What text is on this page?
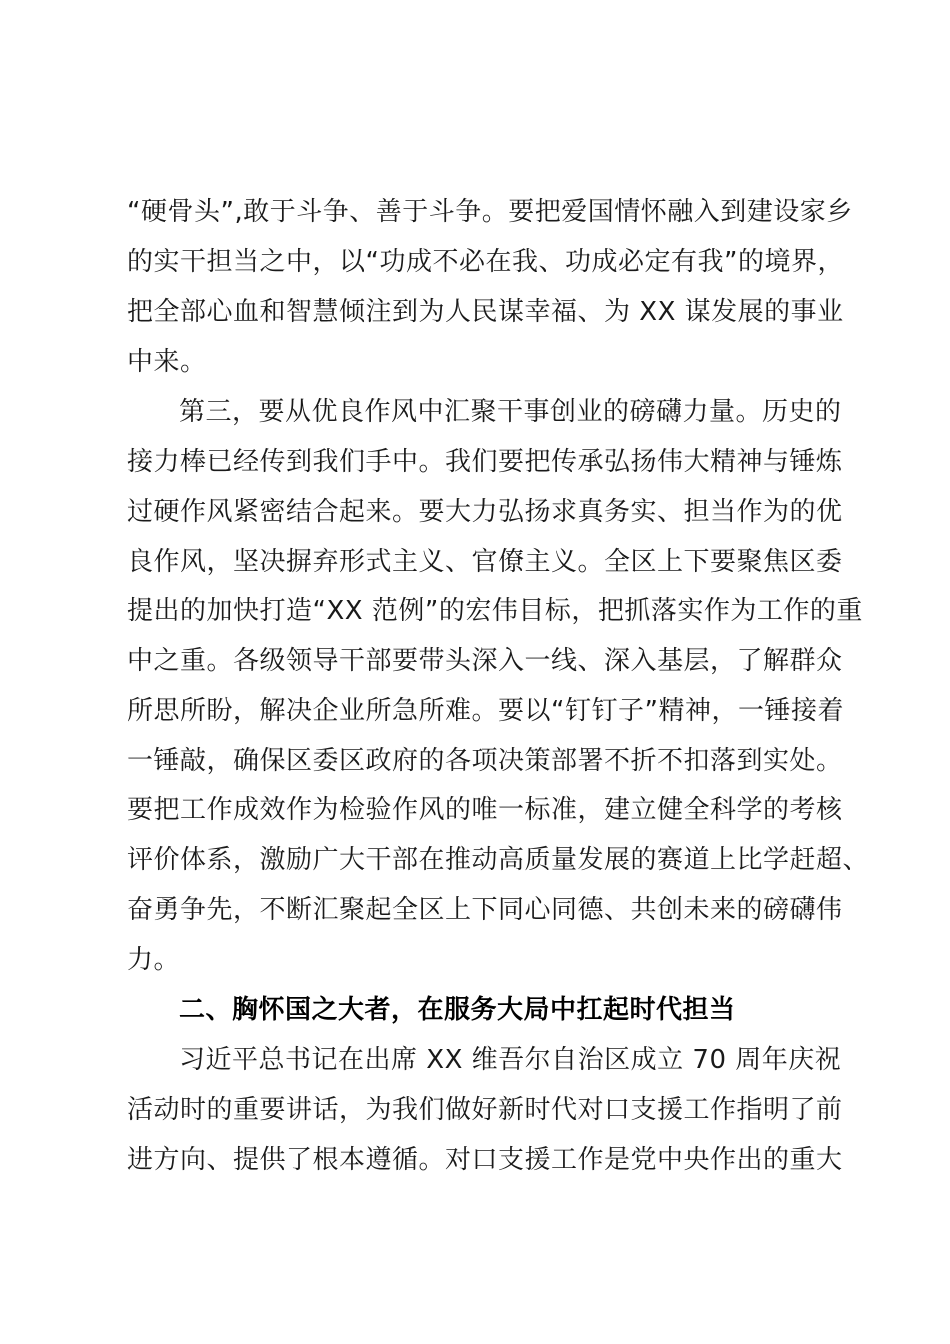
“硬骨头”,敢于斗争、善于斗争。要把爱国情怀融入到建设家乡
的实干担当之中，以“功成不必在我、功成必定有我”的境界，
把全部心血和智慧倾注到为人民谋幸福、为 XX 谋发展的事业
中来。
第三，要从优良作风中汇聚干事创业的磅礴力量。历史的
接力棒已经传到我们手中。我们要把传承弘扬伟大精神与锤炼
过硬作风紧密结合起来。要大力弘扬求真务实、担当作为的优
良作风，坚决摒弃形式主义、官僚主义。全区上下要聚焦区委
提出的加快打造“XX 范例”的宏伟目标，把抓落实作为工作的重
中之重。各级领导干部要带头深入一线、深入基层，了解群众
所思所盼，解决企业所急所难。要以“钉钉子”精神，一锤接着
一锤敲，确保区委区政府的各项决策部署不折不扣落到实处。
要把工作成效作为检验作风的唯一标准，建立健全科学的考核
评价体系，激励广大干部在推动高质量发展的赛道上比学赶超、
奋勇争先，不断汇聚起全区上下同心同德、共创未来的磅礴伟
力。
二、胸怀国之大者，在服务大局中扛起时代担当
习近平总书记在出席 XX 维吾尔自治区成立 70 周年庆祝
活动时的重要讲话，为我们做好新时代对口支援工作指明了前
进方向、提供了根本遵循。对口支援工作是党中央作出的重大
